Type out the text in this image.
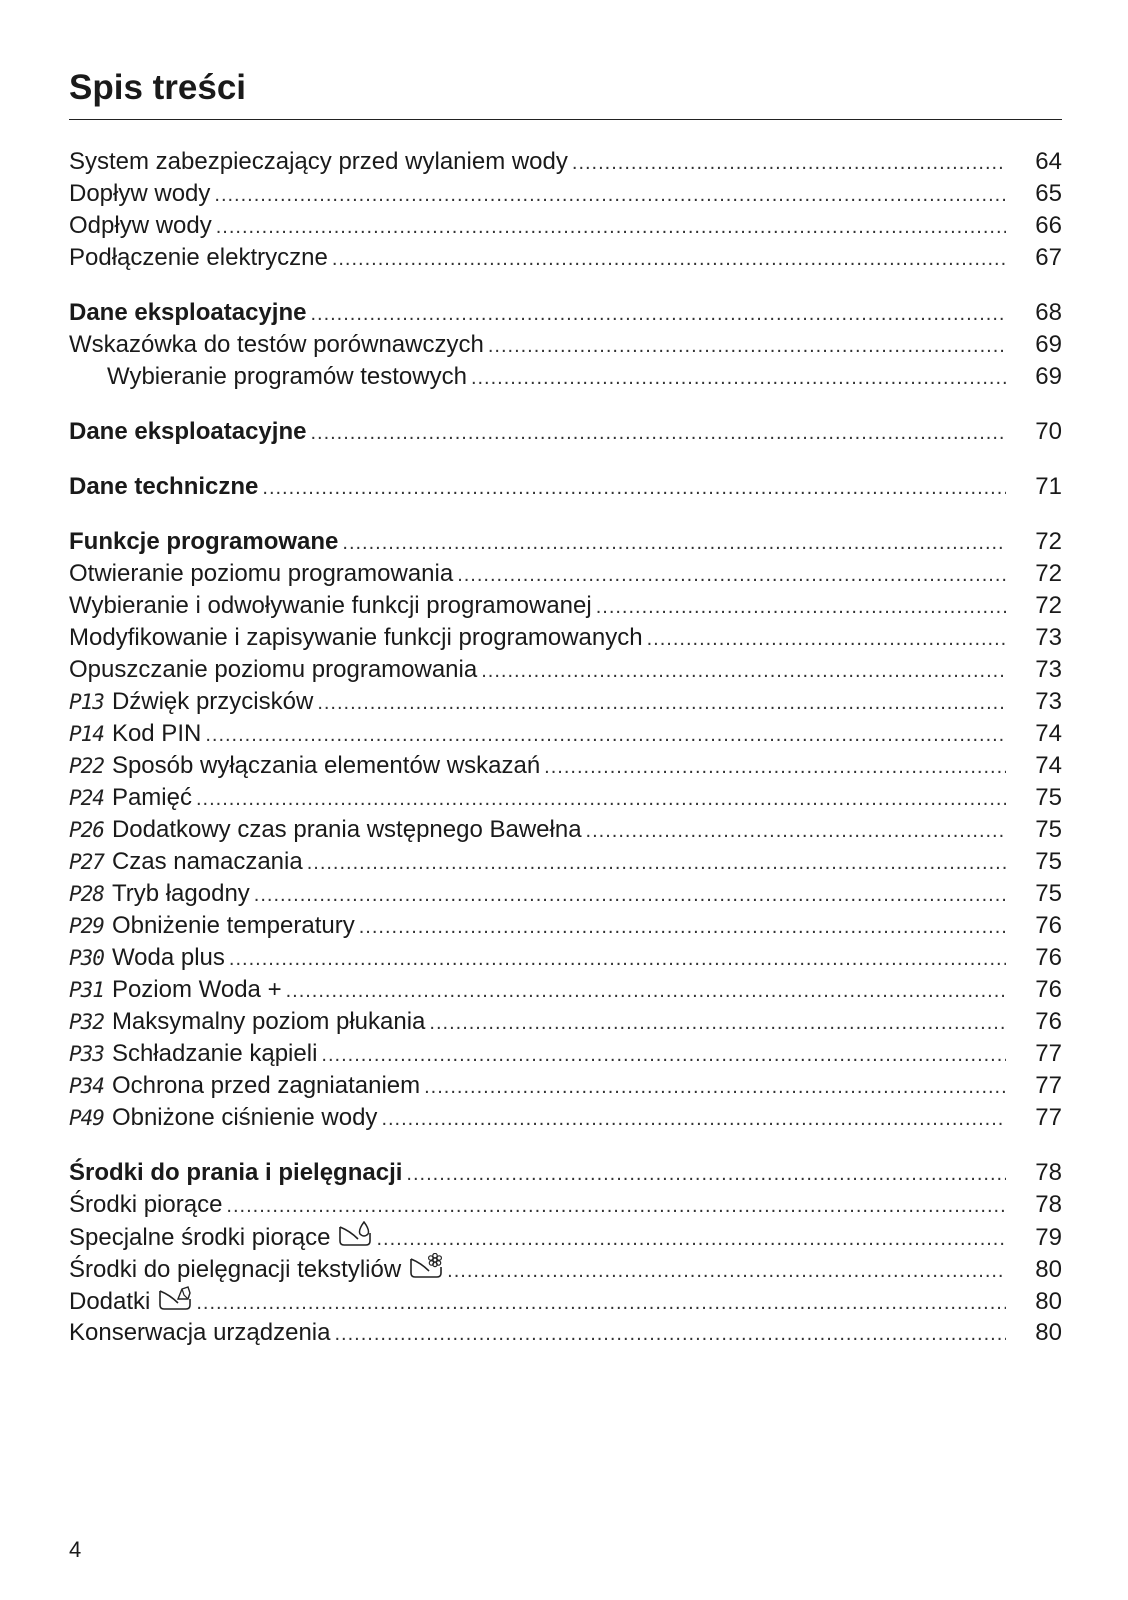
Spis treści
System zabezpieczający przed wylaniem wody .....	64
Dopływ wody .....	65
Odpływ wody .....	66
Podłączenie elektryczne .....	67
Dane eksploatacyjne .....	68
Wskazówka do testów porównawczych .....	69
Wybieranie programów testowych .....	69
Dane eksploatacyjne .....	70
Dane techniczne .....	71
Funkcje programowane .....	72
Otwieranie poziomu programowania .....	72
Wybieranie i odwoływanie funkcji programowanej .....	72
Modyfikowanie i zapisywanie funkcji programowanych .....	73
Opuszczanie poziomu programowania .....	73
P13 Dźwięk przycisków .....	73
P14 Kod PIN .....	74
P22 Sposób wyłączania elementów wskazań .....	74
P24 Pamięć .....	75
P26 Dodatkowy czas prania wstępnego Bawełna .....	75
P27 Czas namaczania .....	75
P28 Tryb łagodny .....	75
P29 Obniżenie temperatury .....	76
P30 Woda plus .....	76
P31 Poziom Woda + .....	76
P32 Maksymalny poziom płukania .....	76
P33 Schładzanie kąpieli .....	77
P34 Ochrona przed zagniataniem .....	77
P49 Obniżone ciśnienie wody .....	77
Środki do prania i pielęgnacji .....	78
Środki piorące .....	78
Specjalne środki piorące .....	79
Środki do pielęgnacji tekstyliów .....	80
Dodatki .....	80
Konserwacja urządzenia .....	80
4
